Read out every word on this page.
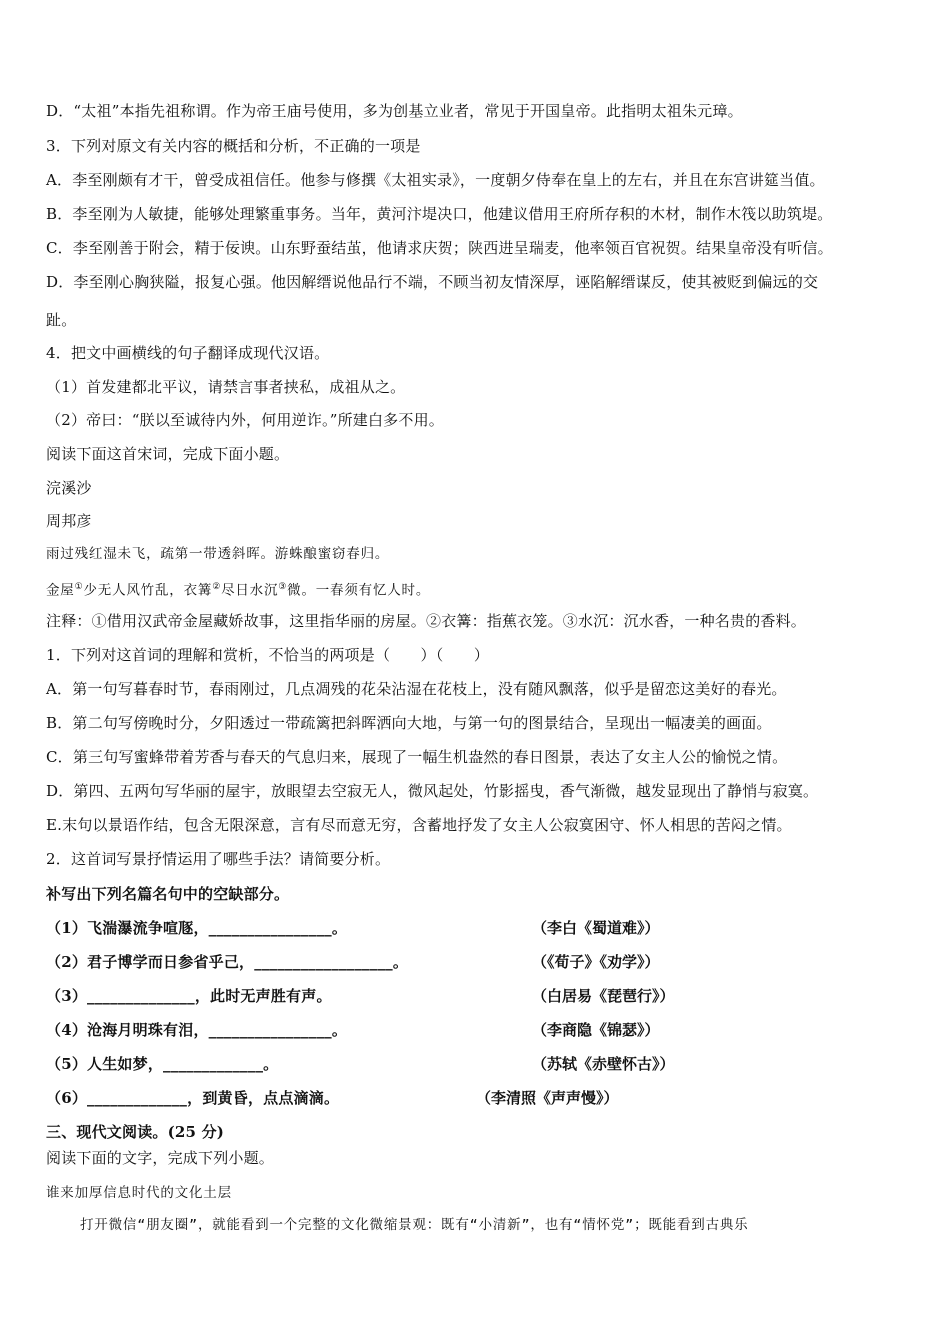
D．“太祖”本指先祖称谓。作为帝王庙号使用，多为创基立业者，常见于开国皇帝。此指明太祖朱元璋。
3．下列对原文有关内容的概括和分析，不正确的一项是
A．李至刚颇有才干，曾受成祖信任。他参与修撰《太祖实录》，一度朝夕侍奉在皇上的左右，并且在东宫讲筵当值。
B．李至刚为人敏捷，能够处理繁重事务。当年，黄河汴堤决口，他建议借用王府所存积的木材，制作木筏以助筑堤。
C．李至刚善于附会，精于佞谀。山东野蚕结茧，他请求庆贺；陕西进呈瑞麦，他率领百官祝贺。结果皇帝没有听信。
D．李至刚心胸狭隘，报复心强。他因解缙说他品行不端，不顾当初友情深厚，诬陷解缙谋反，使其被贬到偏远的交
趾。
4．把文中画横线的句子翻译成现代汉语。
（1）首发建都北平议，请禁言事者挟私，成祖从之。
（2）帝曰：“朕以至诚待内外，何用逆诈。”所建白多不用。
阅读下面这首宋词，完成下面小题。
浣溪沙
周邦彦
雨过残红湿未飞，疏第一带透斜晖。游蛛酿蜜窃春归。
金屋①少无人风竹乱，衣篝②尽日水沉③微。一春须有忆人时。
注释：①借用汉武帝金屋藏娇故事，这里指华丽的房屋。②衣篝：指蕉衣笼。③水沉：沉水香，一种名贵的香料。
1．下列对这首词的理解和赏析，不恰当的两项是（　　）（　　）
A．第一句写暮春时节，春雨刚过，几点凋残的花朵沾湿在花枝上，没有随风飘落，似乎是留恋这美好的春光。
B．第二句写傍晚时分，夕阳透过一带疏篱把斜晖洒向大地，与第一句的图景结合，呈现出一幅凄美的画面。
C．第三句写蜜蜂带着芳香与春天的气息归来，展现了一幅生机盎然的春日图景，表达了女主人公的愉悦之情。
D．第四、五两句写华丽的屋宇，放眼望去空寂无人，微风起处，竹影摇曳，香气渐微，越发显现出了静悄与寂寞。
E.末句以景语作结，包含无限深意，言有尽而意无穷，含蓄地抒发了女主人公寂寞困守、怀人相思的苦闷之情。
2．这首词写景抒情运用了哪些手法？请简要分析。
补写出下列名篇名句中的空缺部分。
（1）飞湍瀑流争喧豗，________________。	（李白《蜀道难》）
（2）君子博学而日参省乎己，__________________。	（《荀子》《劝学》）
（3）______________，此时无声胜有声。	（白居易《琵琶行》）
（4）沧海月明珠有泪，________________。	（李商隐《锦瑟》）
（5）人生如梦，_____________。	（苏轼《赤壁怀古》）
（6）_____________，到黄昏，点点滴滴。	（李清照《声声慢》）
三、现代文阅读。(25 分)
阅读下面的文字，完成下列小题。
谁来加厚信息时代的文化土层
打开微信“朋友圈”，就能看到一个完整的文化微缩景观：既有“小清新”，也有“情怀党”；既能看到古典乐
